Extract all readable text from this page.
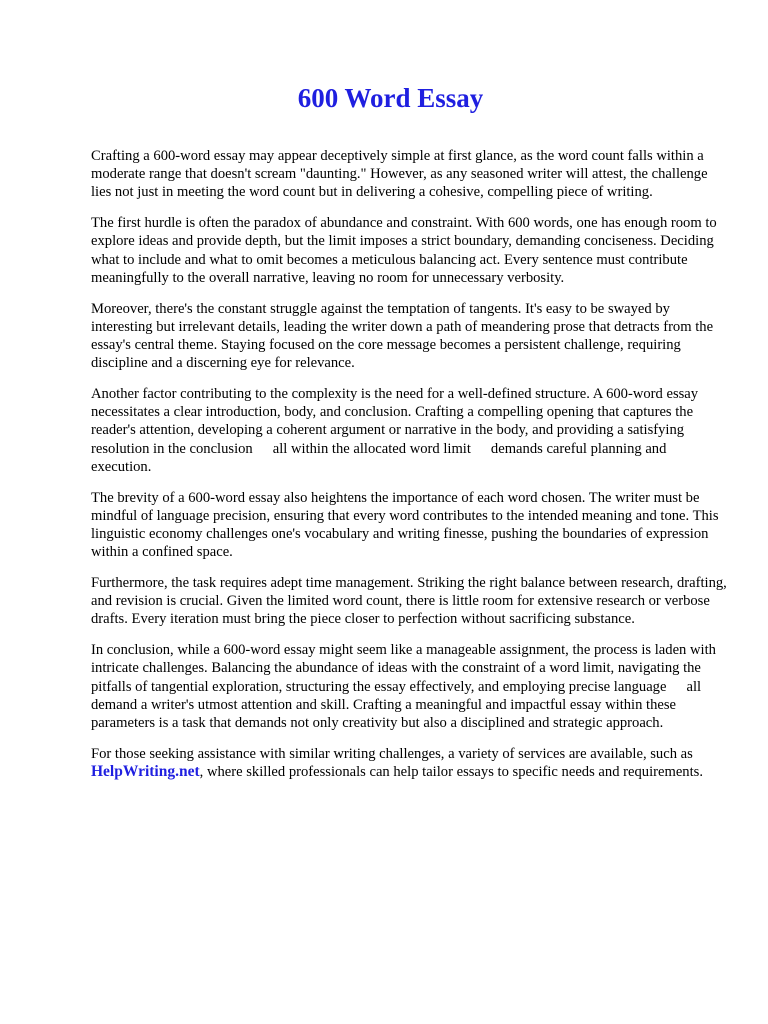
600 Word Essay

Crafting a 600-word essay may appear deceptively simple at first glance, as the word count falls within a moderate range that doesn't scream "daunting." However, as any seasoned writer will attest, the challenge lies not just in meeting the word count but in delivering a cohesive, compelling piece of writing.

The first hurdle is often the paradox of abundance and constraint. With 600 words, one has enough room to explore ideas and provide depth, but the limit imposes a strict boundary, demanding conciseness. Deciding what to include and what to omit becomes a meticulous balancing act. Every sentence must contribute meaningfully to the overall narrative, leaving no room for unnecessary verbosity.

Moreover, there's the constant struggle against the temptation of tangents. It's easy to be swayed by interesting but irrelevant details, leading the writer down a path of meandering prose that detracts from the essay's central theme. Staying focused on the core message becomes a persistent challenge, requiring discipline and a discerning eye for relevance.

Another factor contributing to the complexity is the need for a well-defined structure. A 600-word essay necessitates a clear introduction, body, and conclusion. Crafting a compelling opening that captures the reader's attention, developing a coherent argument or narrative in the body, and providing a satisfying resolution in the conclusion all within the allocated word limit demands careful planning and execution.

The brevity of a 600-word essay also heightens the importance of each word chosen. The writer must be mindful of language precision, ensuring that every word contributes to the intended meaning and tone. This linguistic economy challenges one's vocabulary and writing finesse, pushing the boundaries of expression within a confined space.

Furthermore, the task requires adept time management. Striking the right balance between research, drafting, and revision is crucial. Given the limited word count, there is little room for extensive research or verbose drafts. Every iteration must bring the piece closer to perfection without sacrificing substance.

In conclusion, while a 600-word essay might seem like a manageable assignment, the process is laden with intricate challenges. Balancing the abundance of ideas with the constraint of a word limit, navigating the pitfalls of tangential exploration, structuring the essay effectively, and employing precise language all demand a writer's utmost attention and skill. Crafting a meaningful and impactful essay within these parameters is a task that demands not only creativity but also a disciplined and strategic approach.

For those seeking assistance with similar writing challenges, a variety of services are available, such as HelpWriting.net, where skilled professionals can help tailor essays to specific needs and requirements.
